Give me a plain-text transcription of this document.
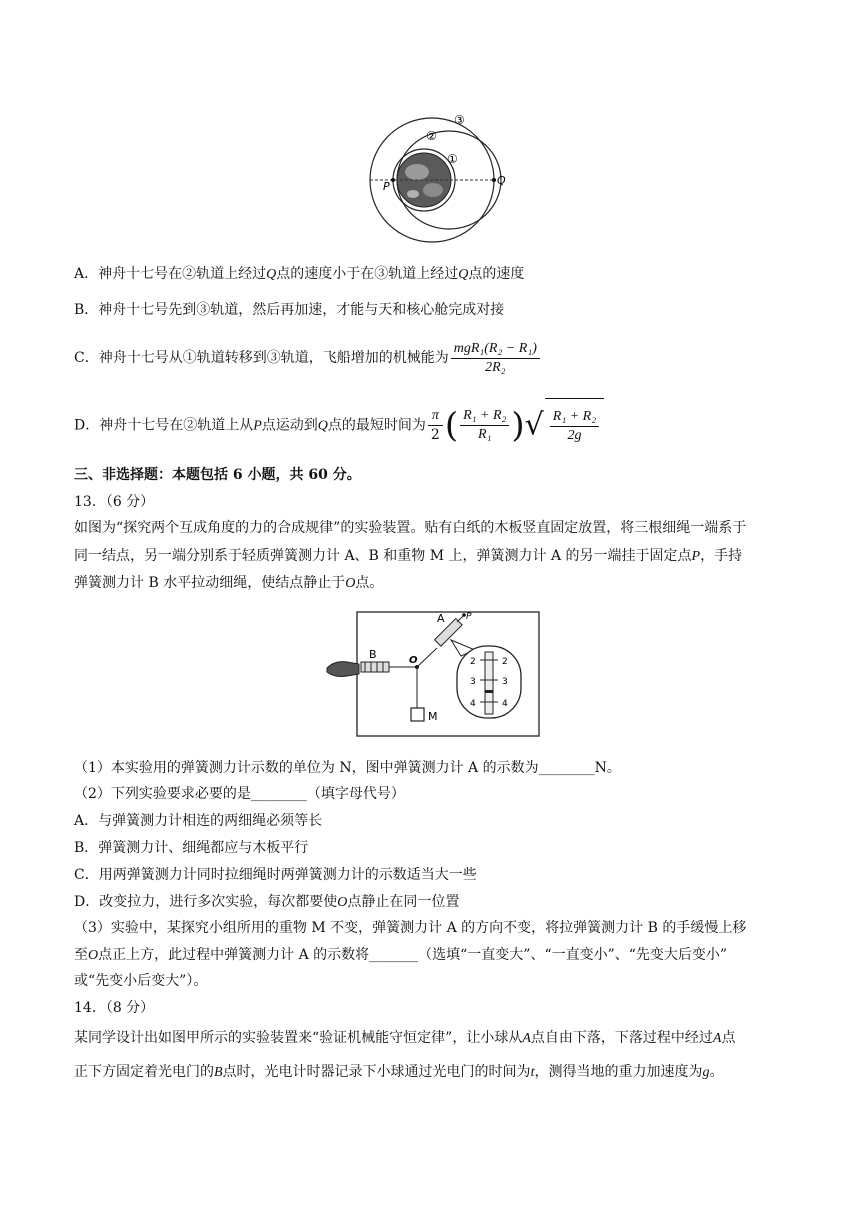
③
②
①
P	Q
A．神舟十七号在②轨道上经过Q点的速度小于在③轨道上经过Q点的速度
B．神舟十七号先到③轨道，然后再加速，才能与天和核心舱完成对接
C．神舟十七号从①轨道转移到③轨道，飞船增加的机械能为 $\frac{\text{mgR₁(R₂ − R₁)}}{\text{2R₂}}$
D．神舟十七号在②轨道上从P点运动到Q点的最短时间为 $\frac{\pi}{2}$ ( $\frac{\text{R₁ + R₂}}{\text{R₁}}$ )√ $\frac{\text{R₁ + R₂}}{2g}$
三、非选择题：本题包括 6 小题，共 60 分。
13．（6 分）
如图为“探究两个互成角度的力的合成规律”的实验装置。贴有白纸的木板竖直固定放置，将三根细绳一端系于
同一结点，另一端分别系于轻质弹簧测力计 A、B 和重物 M 上，弹簧测力计 A 的另一端挂于固定点P，手持
弹簧测力计 B 水平拉动细绳，使结点静止于O点。
A P
B	O
M
2
3
4
2
3
4
（1）本实验用的弹簧测力计示数的单位为 N，图中弹簧测力计 A 的示数为________N。
（2）下列实验要求必要的是________（填字母代号）
A．与弹簧测力计相连的两细绳必须等长
B．弹簧测力计、细绳都应与木板平行
C．用两弹簧测力计同时拉细绳时两弹簧测力计的示数适当大一些
D．改变拉力，进行多次实验，每次都要使O点静止在同一位置
（3）实验中，某探究小组所用的重物 M 不变，弹簧测力计 A 的方向不变，将拉弹簧测力计 B 的手缓慢上移
至O点正上方，此过程中弹簧测力计 A 的示数将_______（选填“一直变大”、“一直变小”、“先变大后变小”
或“先变小后变大”）。
14．（8 分）
某同学设计出如图甲所示的实验装置来“验证机械能守恒定律”，让小球从A点自由下落，下落过程中经过A点
正下方固定着光电门的B点时，光电计时器记录下小球通过光电门的时间为t，测得当地的重力加速度为g。
